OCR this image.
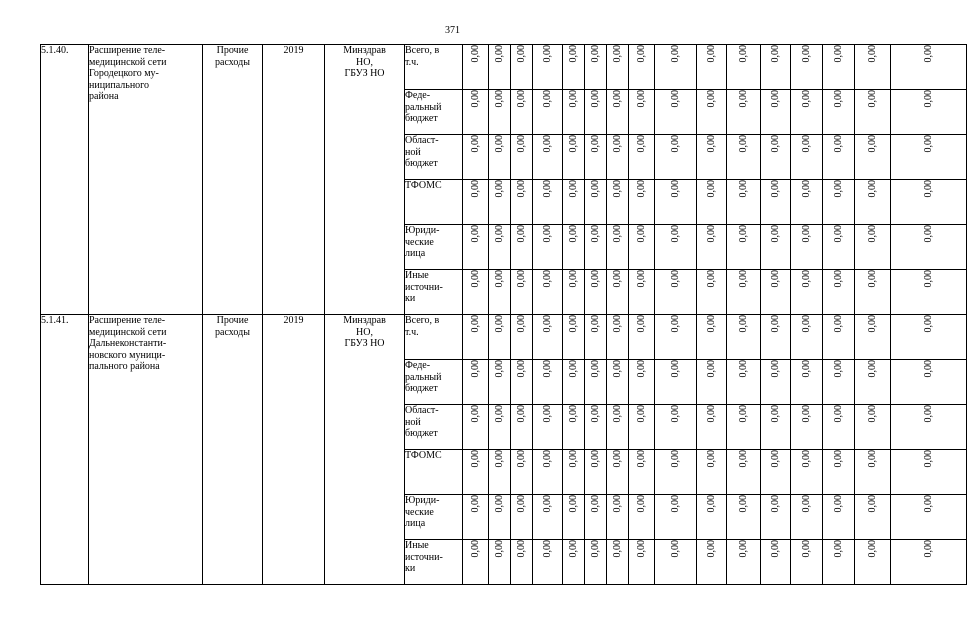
371
5.1.40.	Расширение теле-
медицинской сети
Городецкого му-
ниципального
района	Прочие
расходы	2019	Минздрав
НО,
ГБУЗ НО	Всего, в
т.ч.	0,00	0,00	0,00	0,00	0,00	0,00	0,00	0,00	0,00	0,00	0,00	0,00	0,00	0,00	0,00	0,00

					Феде-
ральный
бюджет	0,00	0,00	0,00	0,00	0,00	0,00	0,00	0,00	0,00	0,00	0,00	0,00	0,00	0,00	0,00	0,00

					Област-
ной
бюджет	0,00	0,00	0,00	0,00	0,00	0,00	0,00	0,00	0,00	0,00	0,00	0,00	0,00	0,00	0,00	0,00

					ТФОМС	0,00	0,00	0,00	0,00	0,00	0,00	0,00	0,00	0,00	0,00	0,00	0,00	0,00	0,00	0,00	0,00

					Юриди-
ческие
лица	0,00	0,00	0,00	0,00	0,00	0,00	0,00	0,00	0,00	0,00	0,00	0,00	0,00	0,00	0,00	0,00

					Иные
источни-
ки	0,00	0,00	0,00	0,00	0,00	0,00	0,00	0,00	0,00	0,00	0,00	0,00	0,00	0,00	0,00	0,00

5.1.41.	Расширение теле-
медицинской сети
Дальнеконстанти-
новского муници-
пального района	Прочие
расходы	2019	Минздрав
НО,
ГБУЗ НО	Всего, в
т.ч.	0,00	0,00	0,00	0,00	0,00	0,00	0,00	0,00	0,00	0,00	0,00	0,00	0,00	0,00	0,00	0,00

					Феде-
ральный
бюджет	0,00	0,00	0,00	0,00	0,00	0,00	0,00	0,00	0,00	0,00	0,00	0,00	0,00	0,00	0,00	0,00

					Област-
ной
бюджет	0,00	0,00	0,00	0,00	0,00	0,00	0,00	0,00	0,00	0,00	0,00	0,00	0,00	0,00	0,00	0,00

					ТФОМС	0,00	0,00	0,00	0,00	0,00	0,00	0,00	0,00	0,00	0,00	0,00	0,00	0,00	0,00	0,00	0,00

					Юриди-
ческие
лица	0,00	0,00	0,00	0,00	0,00	0,00	0,00	0,00	0,00	0,00	0,00	0,00	0,00	0,00	0,00	0,00

					Иные
источни-
ки	0,00	0,00	0,00	0,00	0,00	0,00	0,00	0,00	0,00	0,00	0,00	0,00	0,00	0,00	0,00	0,00
